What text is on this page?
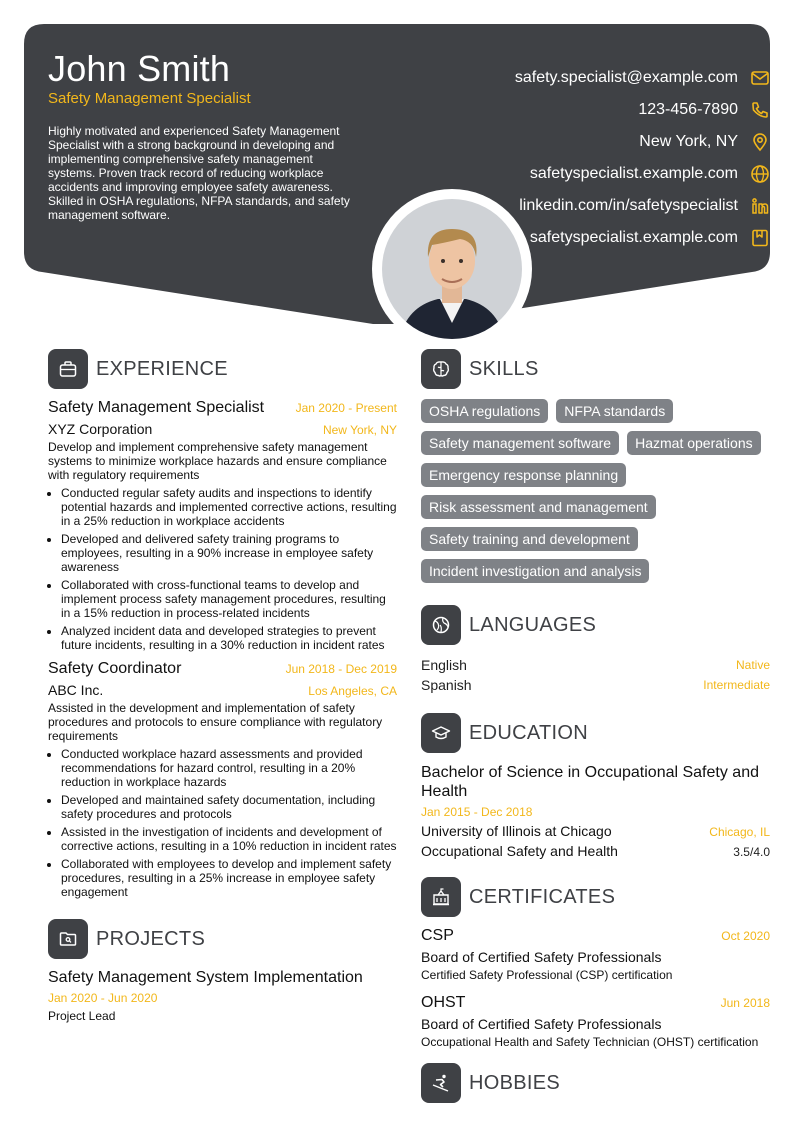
John Smith
Safety Management Specialist
Highly motivated and experienced Safety Management Specialist with a strong background in developing and implementing comprehensive safety management systems. Proven track record of reducing workplace accidents and improving employee safety awareness. Skilled in OSHA regulations, NFPA standards, and safety management software.
safety.specialist@example.com
123-456-7890
New York, NY
safetyspecialist.example.com
linkedin.com/in/safetyspecialist
safetyspecialist.example.com
EXPERIENCE
Safety Management Specialist	Jan 2020 - Present
XYZ Corporation	New York, NY
Develop and implement comprehensive safety management systems to minimize workplace hazards and ensure compliance with regulatory requirements
• Conducted regular safety audits and inspections to identify potential hazards and implemented corrective actions, resulting in a 25% reduction in workplace accidents
• Developed and delivered safety training programs to employees, resulting in a 90% increase in employee safety awareness
• Collaborated with cross-functional teams to develop and implement process safety management procedures, resulting in a 15% reduction in process-related incidents
• Analyzed incident data and developed strategies to prevent future incidents, resulting in a 30% reduction in incident rates
Safety Coordinator	Jun 2018 - Dec 2019
ABC Inc.	Los Angeles, CA
Assisted in the development and implementation of safety procedures and protocols to ensure compliance with regulatory requirements
• Conducted workplace hazard assessments and provided recommendations for hazard control, resulting in a 20% reduction in workplace hazards
• Developed and maintained safety documentation, including safety procedures and protocols
• Assisted in the investigation of incidents and development of corrective actions, resulting in a 10% reduction in incident rates
• Collaborated with employees to develop and implement safety procedures, resulting in a 25% increase in employee safety engagement
PROJECTS
Safety Management System Implementation
Jan 2020 - Jun 2020
Project Lead
SKILLS
OSHA regulations	NFPA standards
Safety management software	Hazmat operations
Emergency response planning
Risk assessment and management
Safety training and development
Incident investigation and analysis
LANGUAGES
English	Native
Spanish	Intermediate
EDUCATION
Bachelor of Science in Occupational Safety and Health
Jan 2015 - Dec 2018
University of Illinois at Chicago	Chicago, IL
Occupational Safety and Health	3.5/4.0
CERTIFICATES
CSP	Oct 2020
Board of Certified Safety Professionals
Certified Safety Professional (CSP) certification
OHST	Jun 2018
Board of Certified Safety Professionals
Occupational Health and Safety Technician (OHST) certification
HOBBIES
